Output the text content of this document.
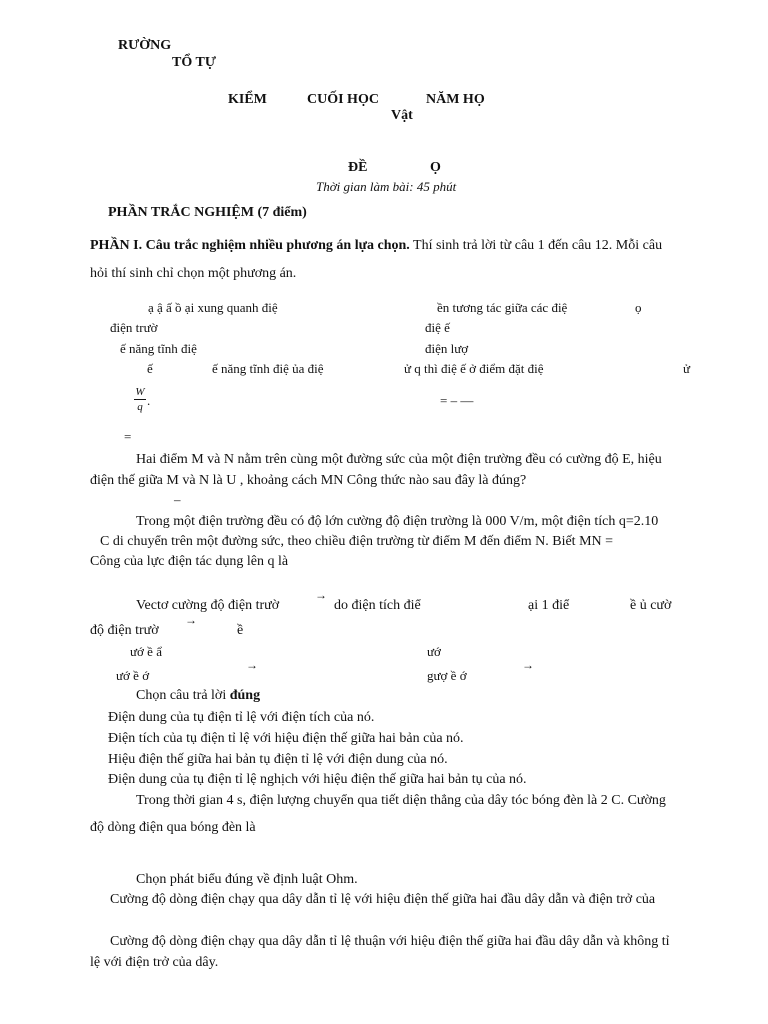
RƯỜNG
TỔ TỰ
KIỂM	CUỐI HỌC	NĂM HỌ
Vật
ĐỀ	Ọ
Thời gian làm bài: 45 phút
PHẦN TRẮC NGHIỆM (7 điểm)
PHẦN I. Câu trắc nghiệm nhiều phương án lựa chọn. Thí sinh trả lời từ câu 1 đến câu 12. Mỗi câu
hỏi thí sinh chỉ chọn một phương án.
ạ ậ ấ ồ ại xung quanh điệ	ền tương tác giữa các điệ	ọ
điện trườ	điệ ế
ế năng tĩnh điệ	điện lượ
ế	ế năng tĩnh điệ ủa điệ	ử q thì điệ ế ở điểm đặt điệ	ử
W
q .	= – —
=
Hai điểm M và N nằm trên cùng một đường sức của một điện trường đều có cường độ E, hiệu
điện thế giữa M và N là U , khoảng cách MN Công thức nào sau đây là đúng?
–
Trong một điện trường đều có độ lớn cường độ điện trường là 000 V/m, một điện tích q=2.10
C di chuyển trên một đường sức, theo chiều điện trường từ điểm M đến điểm N. Biết MN =
Công của lực điện tác dụng lên q là
→
Vectơ cường độ điện trườ	do điện tích điể	ại 1 điể	ề ủ cườ
→
độ điện trườ	ề
ướ ề ẩ	ướ
→
ướ ề ớ
→
gượ ề ớ
Chọn câu trả lời đúng
Điện dung của tụ điện tỉ lệ với điện tích của nó.
Điện tích của tụ điện tỉ lệ với hiệu điện thế giữa hai bản của nó.
Hiệu điện thế giữa hai bản tụ điện tỉ lệ với điện dung của nó.
Điện dung của tụ điện tỉ lệ nghịch với hiệu điện thế giữa hai bản tụ của nó.
Trong thời gian 4 s, điện lượng chuyển qua tiết diện thẳng của dây tóc bóng đèn là 2 C. Cường
độ dòng điện qua bóng đèn là
Chọn phát biểu đúng về định luật Ohm.
Cường độ dòng điện chạy qua dây dẫn tỉ lệ với hiệu điện thế giữa hai đầu dây dẫn và điện trở của
Cường độ dòng điện chạy qua dây dẫn tỉ lệ thuận với hiệu điện thế giữa hai đầu dây dẫn và không tỉ
lệ với điện trở của dây.
